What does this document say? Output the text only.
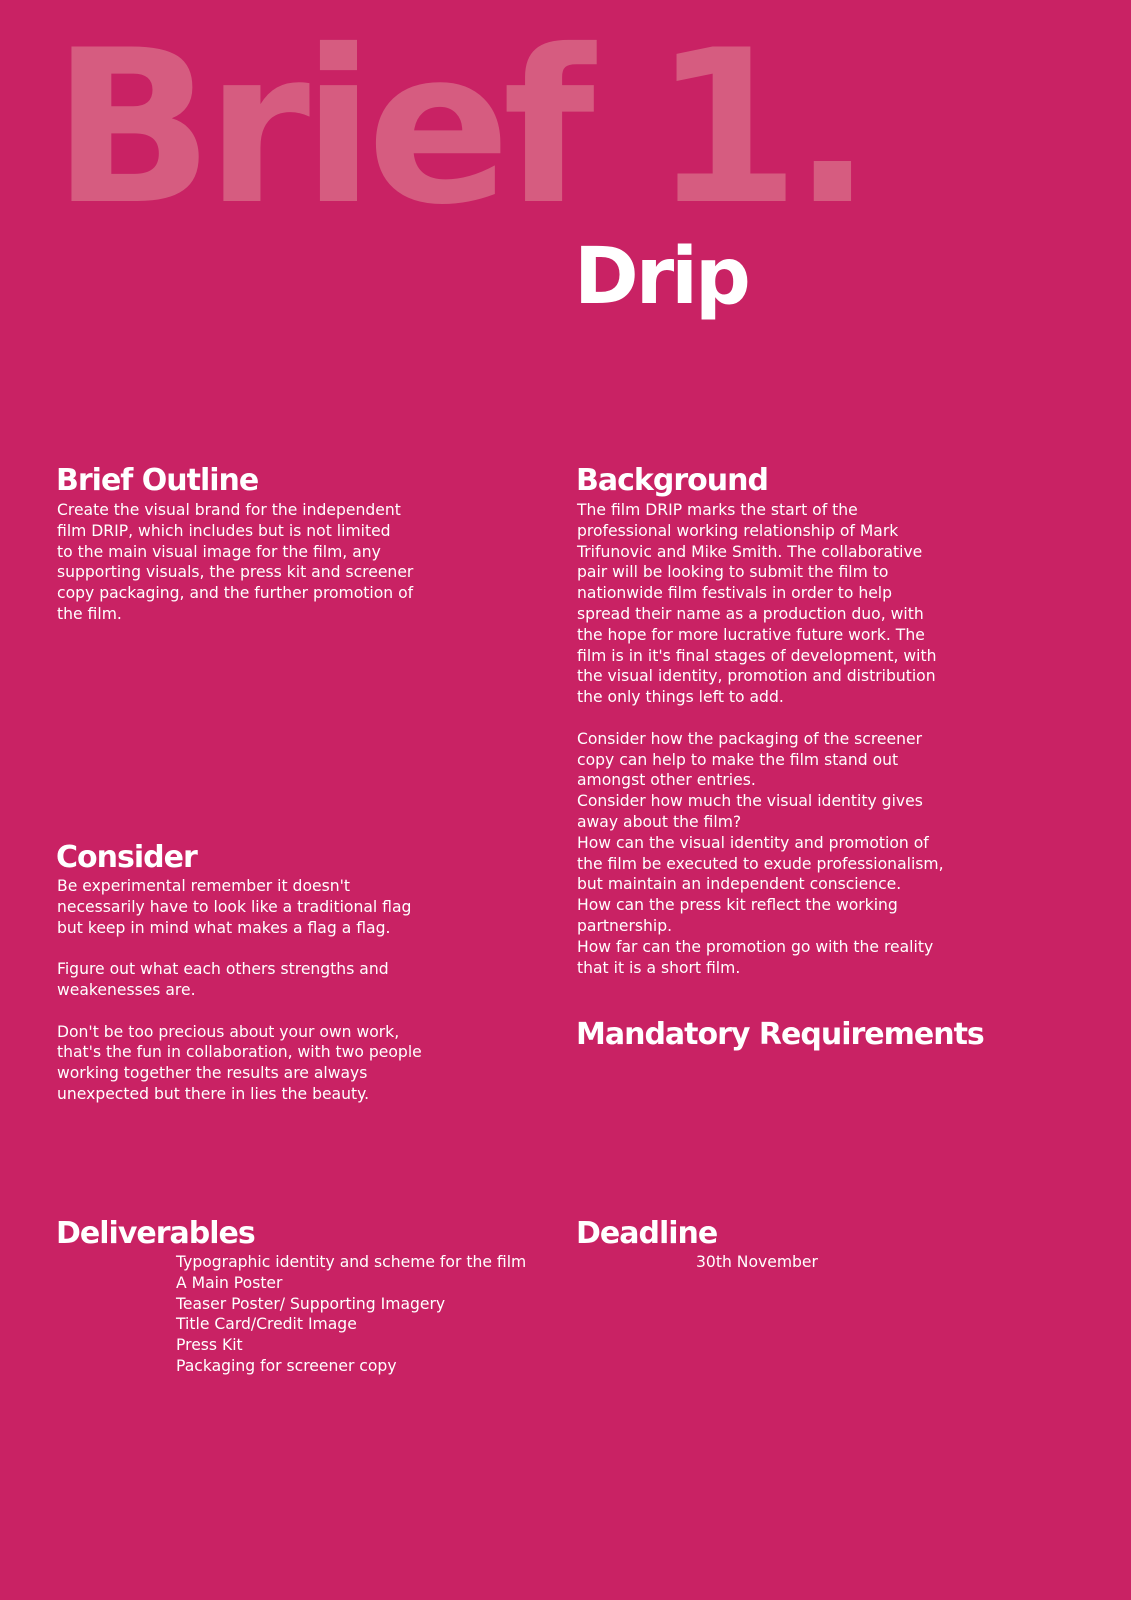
Brief 1.
Drip
Brief Outline
Create the visual brand for the independent
film DRIP, which includes but is not limited
to the main visual image for the film, any
supporting visuals, the press kit and screener
copy packaging, and the further promotion of
the film.
Background
The film DRIP marks the start of the
professional working relationship of Mark
Trifunovic and Mike Smith. The collaborative
pair will be looking to submit the film to
nationwide film festivals in order to help
spread their name as a production duo, with
the hope for more lucrative future work. The
film is in it's final stages of development, with
the visual identity, promotion and distribution
the only things left to add.
Consider how the packaging of the screener
copy can help to make the film stand out
amongst other entries.
Consider how much the visual identity gives
away about the film?
How can the visual identity and promotion of
the film be executed to exude professionalism,
but maintain an independent conscience.
How can the press kit reflect the working
partnership.
How far can the promotion go with the reality
that it is a short film.
Consider
Be experimental remember it doesn't
necessarily have to look like a traditional flag
but keep in mind what makes a flag a flag.
Figure out what each others strengths and
weakenesses are.
Don't be too precious about your own work,
that's the fun in collaboration, with two people
working together the results are always
unexpected but there in lies the beauty.
Mandatory Requirements
Deliverables
Typographic identity and scheme for the film
A Main Poster
Teaser Poster/ Supporting Imagery
Title Card/Credit Image
Press Kit
Packaging for screener copy
Deadline
30th November
